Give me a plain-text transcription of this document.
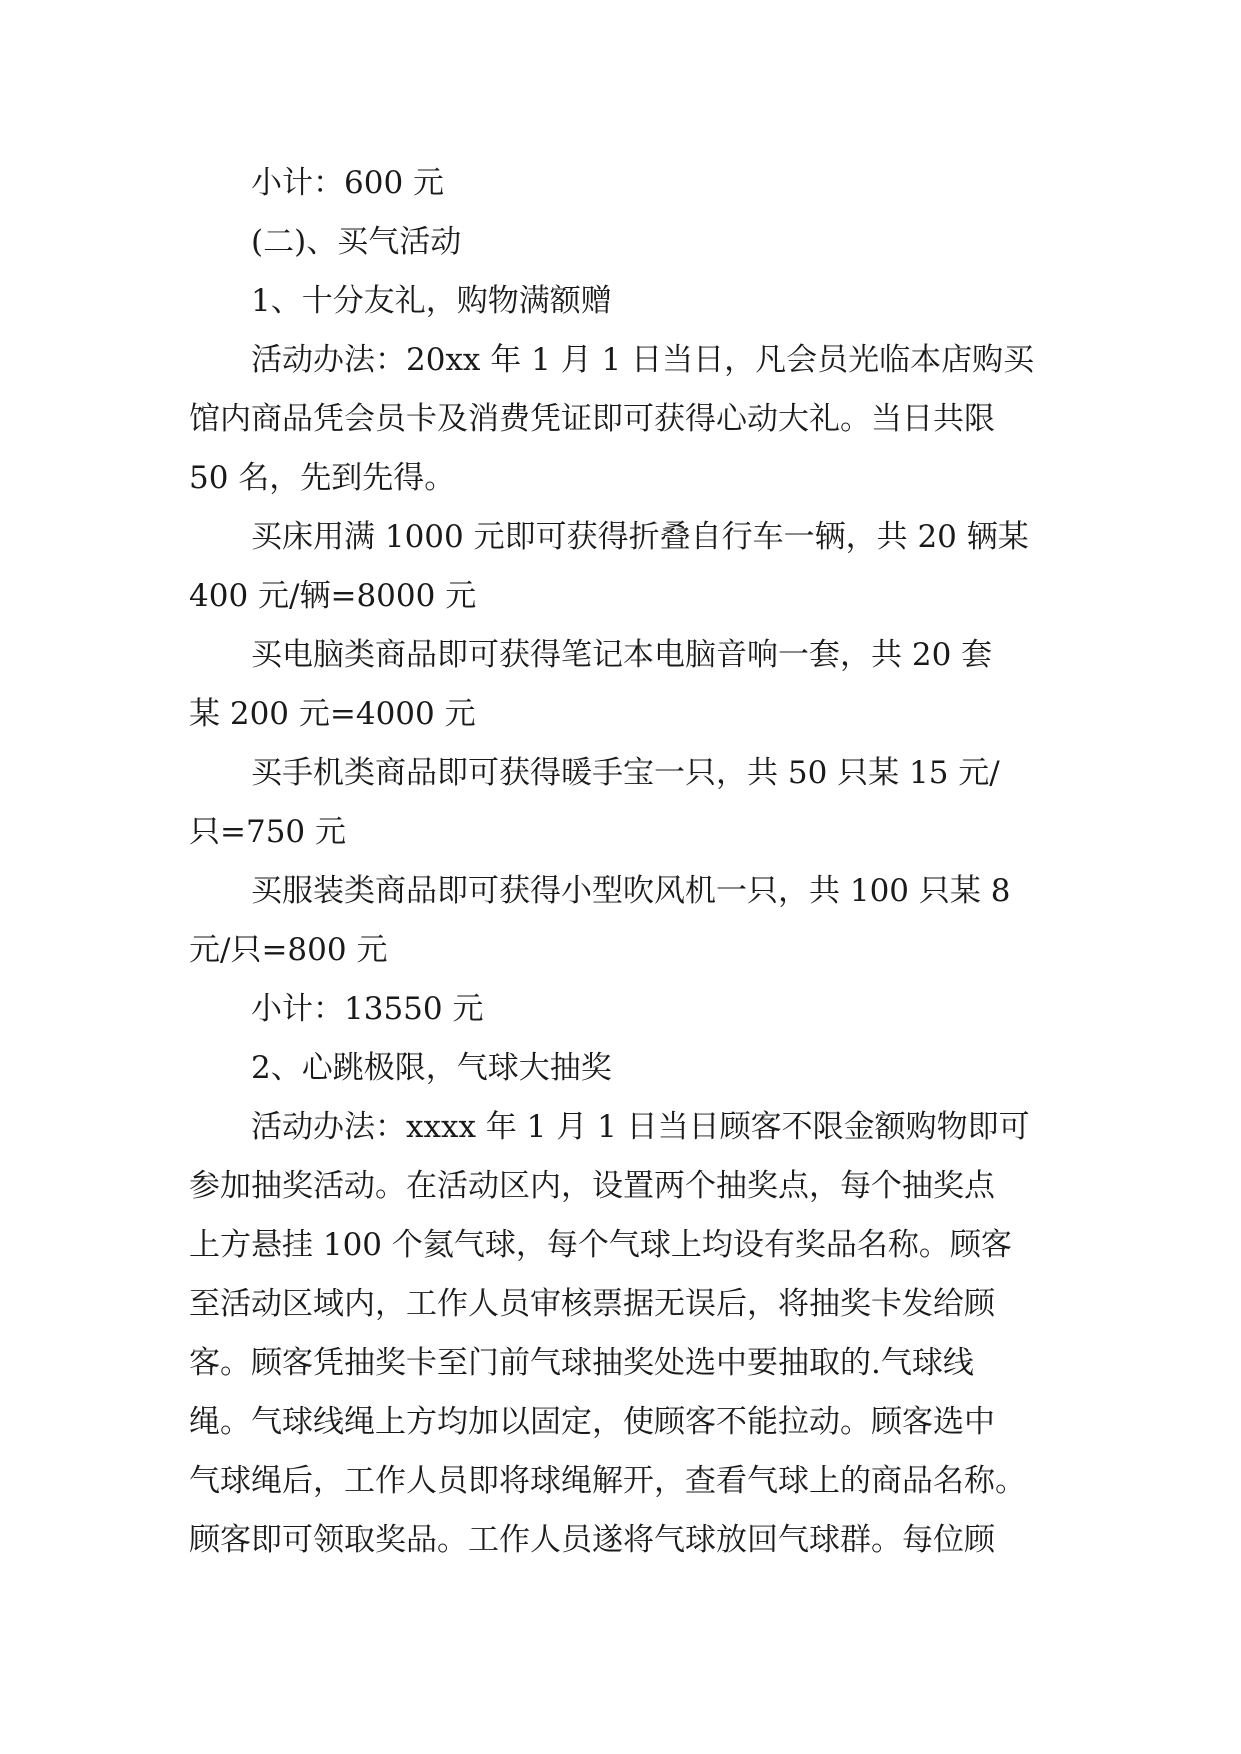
小计：600 元
(二)、买气活动
1、十分友礼，购物满额赠
活动办法：20xx 年 1 月 1 日当日，凡会员光临本店购买
馆内商品凭会员卡及消费凭证即可获得心动大礼。当日共限
50 名，先到先得。
买床用满 1000 元即可获得折叠自行车一辆，共 20 辆某
400 元/辆=8000 元
买电脑类商品即可获得笔记本电脑音响一套，共 20 套
某 200 元=4000 元
买手机类商品即可获得暖手宝一只，共 50 只某 15 元/
只=750 元
买服装类商品即可获得小型吹风机一只，共 100 只某 8
元/只=800 元
小计：13550 元
2、心跳极限，气球大抽奖
活动办法：xxxx 年 1 月 1 日当日顾客不限金额购物即可
参加抽奖活动。在活动区内，设置两个抽奖点，每个抽奖点
上方悬挂 100 个氦气球，每个气球上均设有奖品名称。顾客
至活动区域内，工作人员审核票据无误后，将抽奖卡发给顾
客。顾客凭抽奖卡至门前气球抽奖处选中要抽取的.气球线
绳。气球线绳上方均加以固定，使顾客不能拉动。顾客选中
气球绳后，工作人员即将球绳解开，查看气球上的商品名称。
顾客即可领取奖品。工作人员遂将气球放回气球群。每位顾
